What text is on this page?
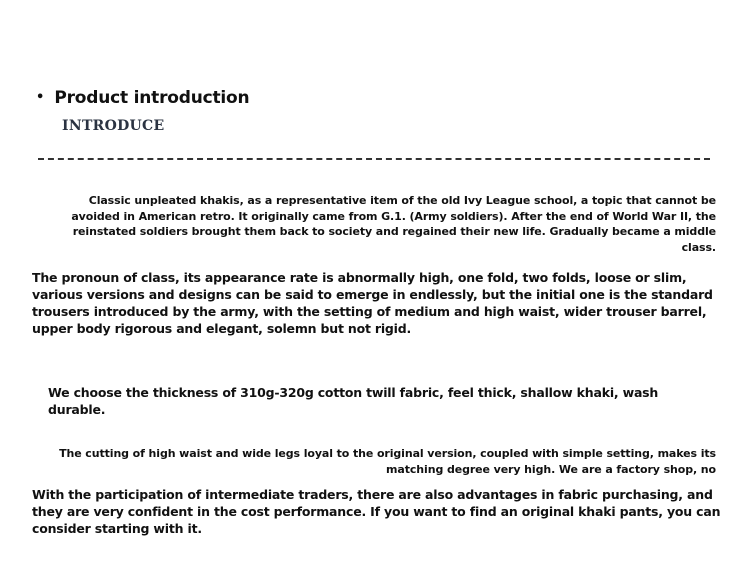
• Product introduction
INTRODUCE
Classic unpleated khakis, as a representative item of the old Ivy League school, a topic that cannot be avoided in American retro. It originally came from G.1. (Army soldiers). After the end of World War II, the reinstated soldiers brought them back to society and regained their new life. Gradually became a middle class.
The pronoun of class, its appearance rate is abnormally high, one fold, two folds, loose or slim, various versions and designs can be said to emerge in endlessly, but the initial one is the standard trousers introduced by the army, with the setting of medium and high waist, wider trouser barrel, upper body rigorous and elegant, solemn but not rigid.
We choose the thickness of 310g-320g cotton twill fabric, feel thick, shallow khaki, wash durable.
The cutting of high waist and wide legs loyal to the original version, coupled with simple setting, makes its matching degree very high. We are a factory shop, no
With the participation of intermediate traders, there are also advantages in fabric purchasing, and they are very confident in the cost performance. If you want to find an original khaki pants, you can consider starting with it.
